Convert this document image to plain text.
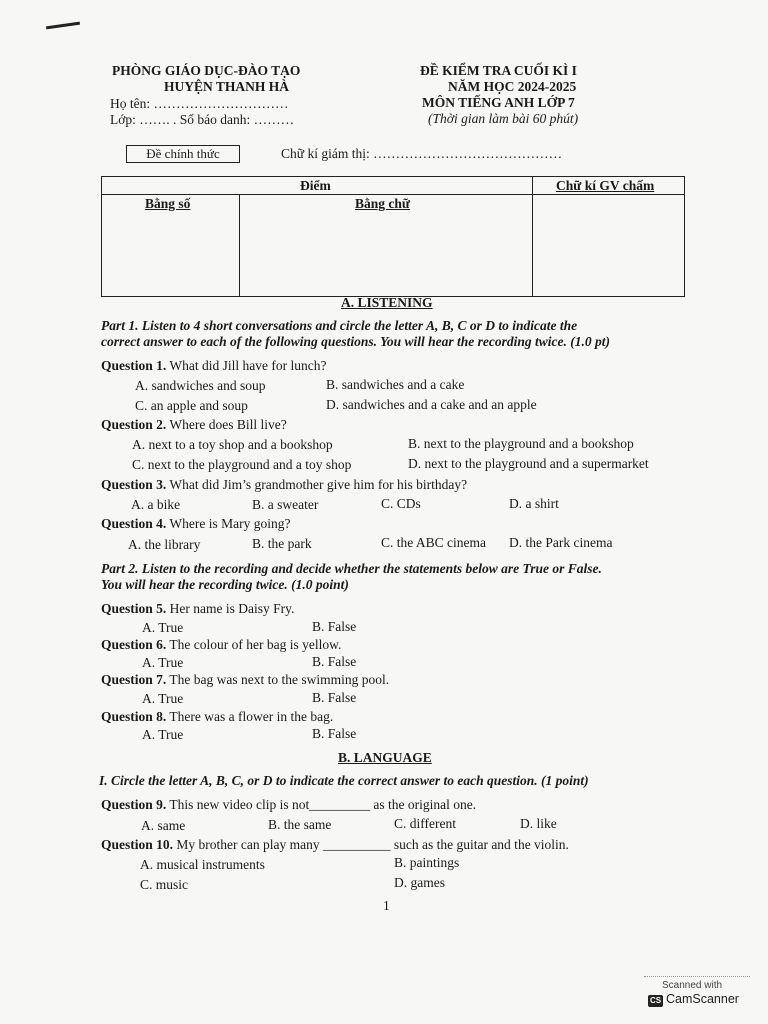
PHÒNG GIÁO DỤC-ĐÀO TẠO
HUYỆN THANH HÀ
Họ tên: …………………………
Lớp: ……. . Số báo danh: ………
ĐỀ KIỂM TRA CUỐI KÌ I
NĂM HỌC 2024-2025
MÔN TIẾNG ANH LỚP 7
(Thời gian làm bài 60 phút)
Đề chính thức	Chữ kí giám thị: ……………………………………
Điểm	Chữ kí GV chấm
Bằng số	Bằng chữ
A. LISTENING
Part 1. Listen to 4 short conversations and circle the letter A, B, C or D to indicate the
correct answer to each of the following questions. You will hear the recording twice. (1.0 pt)
Question 1. What did Jill have for lunch?
A. sandwiches and soup	B. sandwiches and a cake
C. an apple and soup	D. sandwiches and a cake and an apple
Question 2. Where does Bill live?
A. next to a toy shop and a bookshop	B. next to the playground and a bookshop
C. next to the playground and a toy shop	D. next to the playground and a supermarket
Question 3. What did Jim’s grandmother give him for his birthday?
A. a bike	B. a sweater	C. CDs	D. a shirt
Question 4. Where is Mary going?
A. the library	B. the park	C. the ABC cinema D. the Park cinema
Part 2. Listen to the recording and decide whether the statements below are True or False.
You will hear the recording twice. (1.0 point)
Question 5. Her name is Daisy Fry.
A. True	B. False
Question 6. The colour of her bag is yellow.
A. True	B. False
Question 7. The bag was next to the swimming pool.
A. True	B. False
Question 8. There was a flower in the bag.
A. True	B. False
B. LANGUAGE
I. Circle the letter A, B, C, or D to indicate the correct answer to each question. (1 point)
Question 9. This new video clip is not_________ as the original one.
A. same	B. the same	C. different	D. like
Question 10. My brother can play many __________ such as the guitar and the violin.
A. musical instruments	B. paintings
C. music	D. games
1
Scanned with
CS CamScanner
